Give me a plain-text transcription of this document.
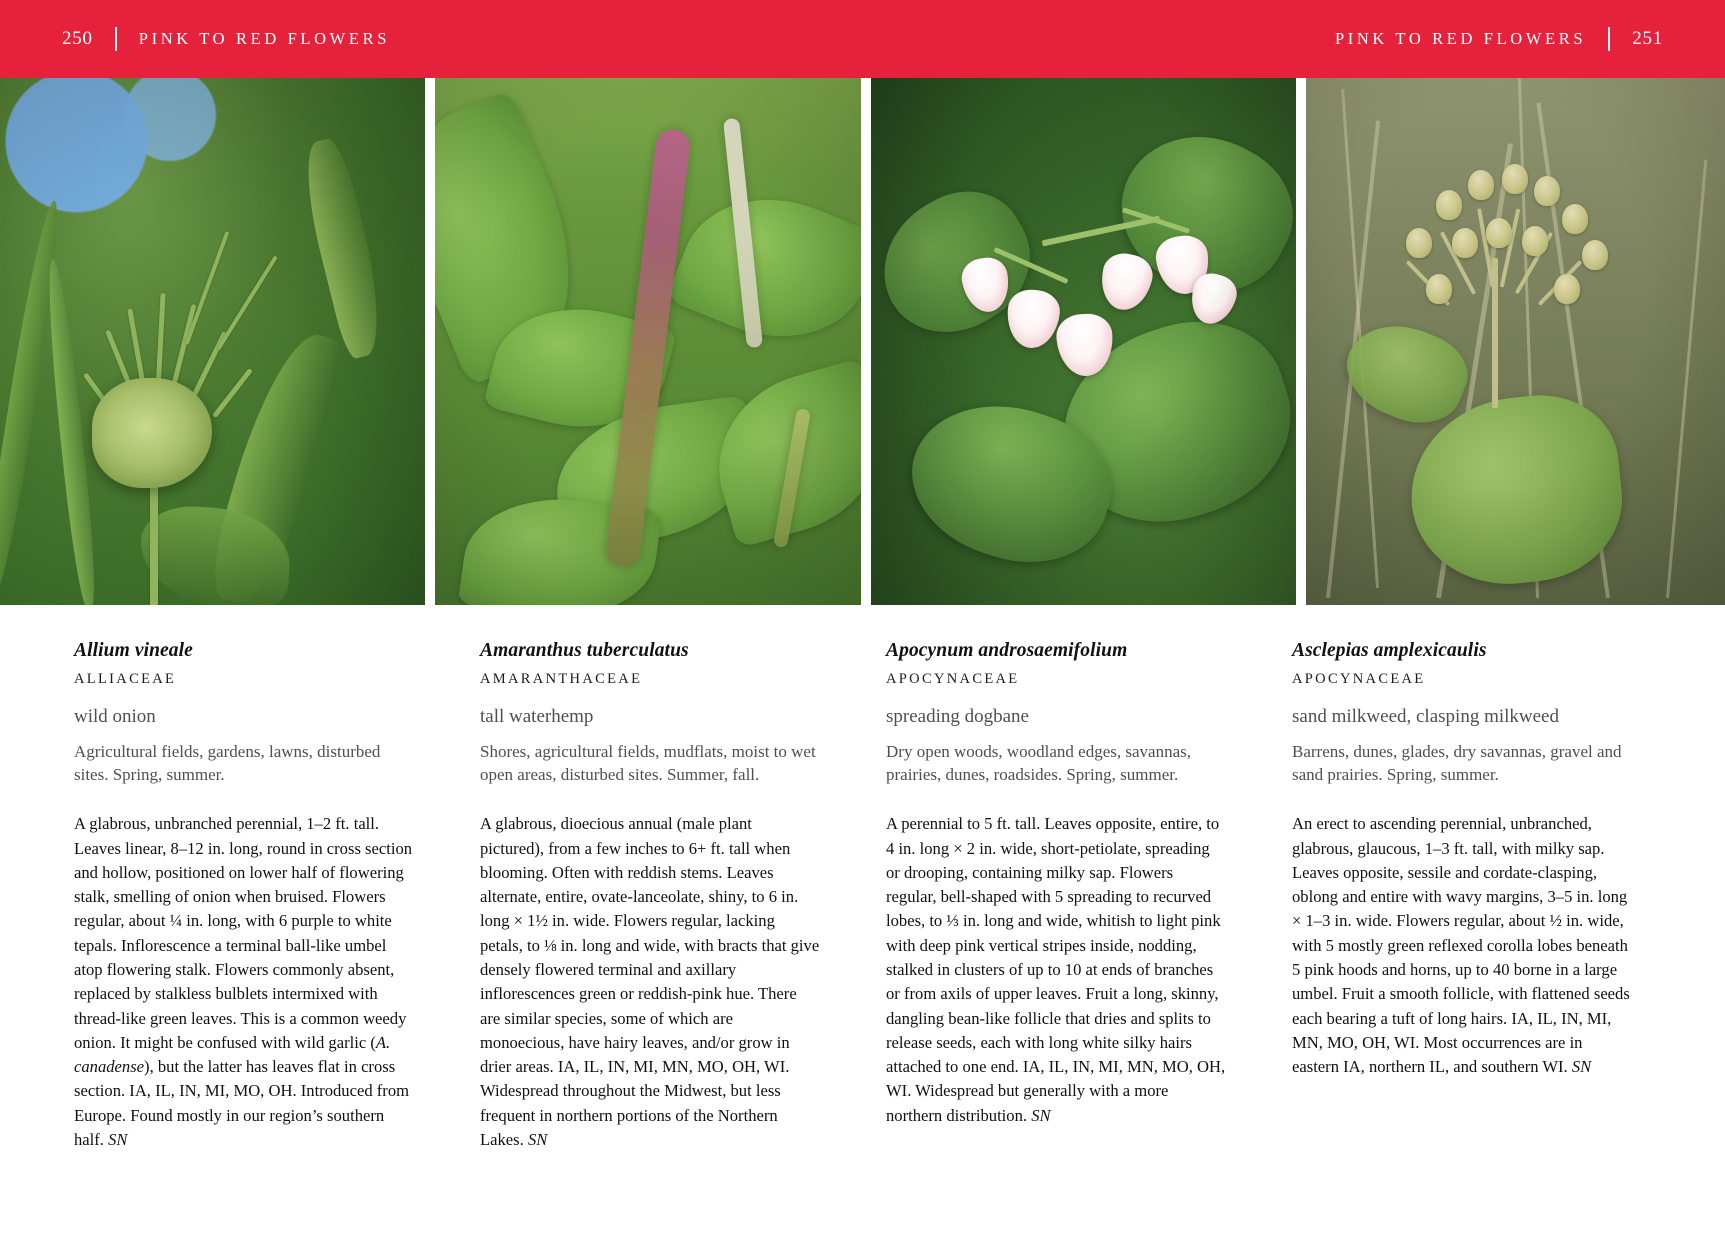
250	PINK TO RED FLOWERS	PINK TO RED FLOWERS 251
Allium vineale
ALLIACEAE
wild onion
Agricultural fields, gardens, lawns, disturbed sites. Spring, summer.

A glabrous, unbranched perennial, 1–2 ft. tall. Leaves linear, 8–12 in. long, round in cross section and hollow, positioned on lower half of flowering stalk, smelling of onion when bruised. Flowers regular, about ¼ in. long, with 6 purple to white tepals. Inflorescence a terminal ball-like umbel atop flowering stalk. Flowers commonly absent, replaced by stalkless bulblets intermixed with thread-like green leaves. This is a common weedy onion. It might be confused with wild garlic (A. canadense), but the latter has leaves flat in cross section. IA, IL, IN, MI, MO, OH. Introduced from Europe. Found mostly in our region’s southern half. SN

Amaranthus tuberculatus
AMARANTHACEAE
tall waterhemp
Shores, agricultural fields, mudflats, moist to wet open areas, disturbed sites. Summer, fall.

A glabrous, dioecious annual (male plant pictured), from a few inches to 6+ ft. tall when blooming. Often with reddish stems. Leaves alternate, entire, ovate-lanceolate, shiny, to 6 in. long × 1½ in. wide. Flowers regular, lacking petals, to ⅛ in. long and wide, with bracts that give densely flowered terminal and axillary inflorescences green or reddish-pink hue. There are similar species, some of which are monoecious, have hairy leaves, and/or grow in drier areas. IA, IL, IN, MI, MN, MO, OH, WI. Widespread throughout the Midwest, but less frequent in northern portions of the Northern Lakes. SN

Apocynum androsaemifolium
APOCYNACEAE
spreading dogbane
Dry open woods, woodland edges, savannas, prairies, dunes, roadsides. Spring, summer.

A perennial to 5 ft. tall. Leaves opposite, entire, to 4 in. long × 2 in. wide, short-petiolate, spreading or drooping, containing milky sap. Flowers regular, bell-shaped with 5 spreading to recurved lobes, to ⅓ in. long and wide, whitish to light pink with deep pink vertical stripes inside, nodding, stalked in clusters of up to 10 at ends of branches or from axils of upper leaves. Fruit a long, skinny, dangling bean-like follicle that dries and splits to release seeds, each with long white silky hairs attached to one end. IA, IL, IN, MI, MN, MO, OH, WI. Widespread but generally with a more northern distribution. SN

Asclepias amplexicaulis
APOCYNACEAE
sand milkweed, clasping milkweed
Barrens, dunes, glades, dry savannas, gravel and sand prairies. Spring, summer.

An erect to ascending perennial, unbranched, glabrous, glaucous, 1–3 ft. tall, with milky sap. Leaves opposite, sessile and cordate-clasping, oblong and entire with wavy margins, 3–5 in. long × 1–3 in. wide. Flowers regular, about ½ in. wide, with 5 mostly green reflexed corolla lobes beneath 5 pink hoods and horns, up to 40 borne in a large umbel. Fruit a smooth follicle, with flattened seeds each bearing a tuft of long hairs. IA, IL, IN, MI, MN, MO, OH, WI. Most occurrences are in eastern IA, northern IL, and southern WI. SN
